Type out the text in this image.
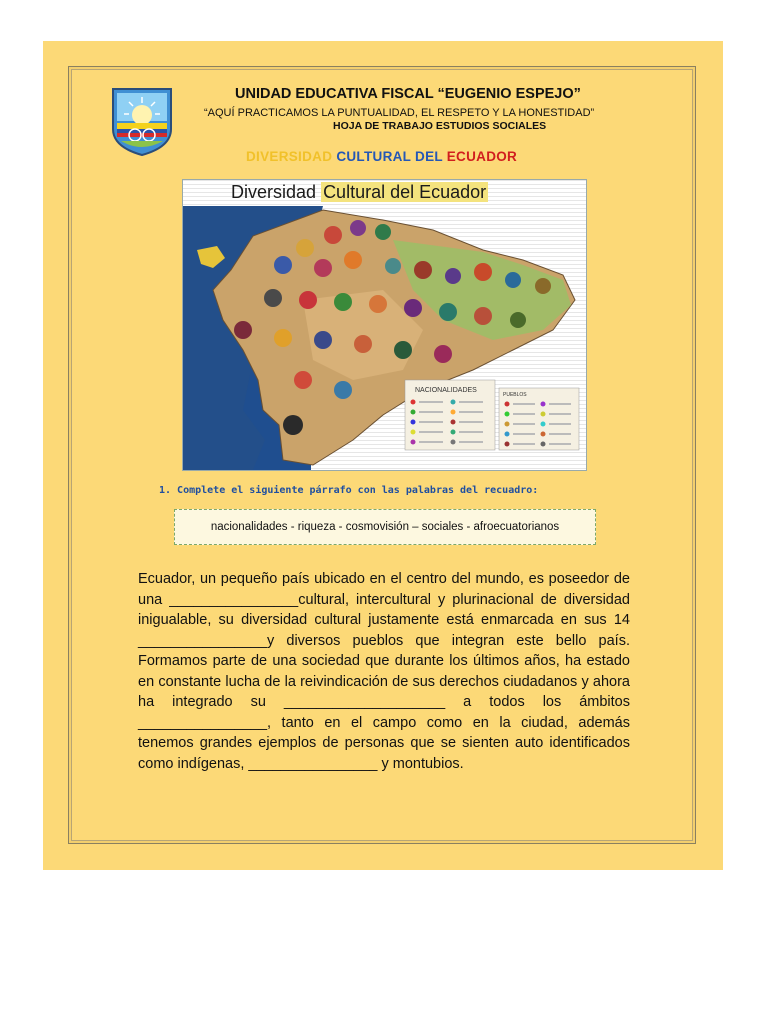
UNIDAD EDUCATIVA FISCAL “EUGENIO ESPEJO”
“AQUÍ PRACTICAMOS LA PUNTUALIDAD, EL RESPETO Y LA HONESTIDAD”
HOJA DE TRABAJO ESTUDIOS SOCIALES
DIVERSIDAD CULTURAL DEL ECUADOR
NACIONALIDADES
PUEBLOS
Diversidad Cultural del Ecuador
1. Complete el siguiente párrafo con las palabras del recuadro:
nacionalidades - riqueza - cosmovisión – sociales - afroecuatorianos

Ecuador, un pequeño país ubicado en el centro del mundo, es poseedor de una ________________cultural, intercultural y plurinacional de diversidad inigualable, su diversidad cultural justamente está enmarcada en sus 14 ________________y diversos pueblos que integran este bello país. Formamos parte de una sociedad que durante los últimos años, ha estado en constante lucha de la reivindicación de sus derechos ciudadanos y ahora ha integrado su ____________________ a todos los ámbitos ________________, tanto en el campo como en la ciudad, además tenemos grandes ejemplos de personas que se sienten auto identificados como indígenas, ________________ y montubios.
